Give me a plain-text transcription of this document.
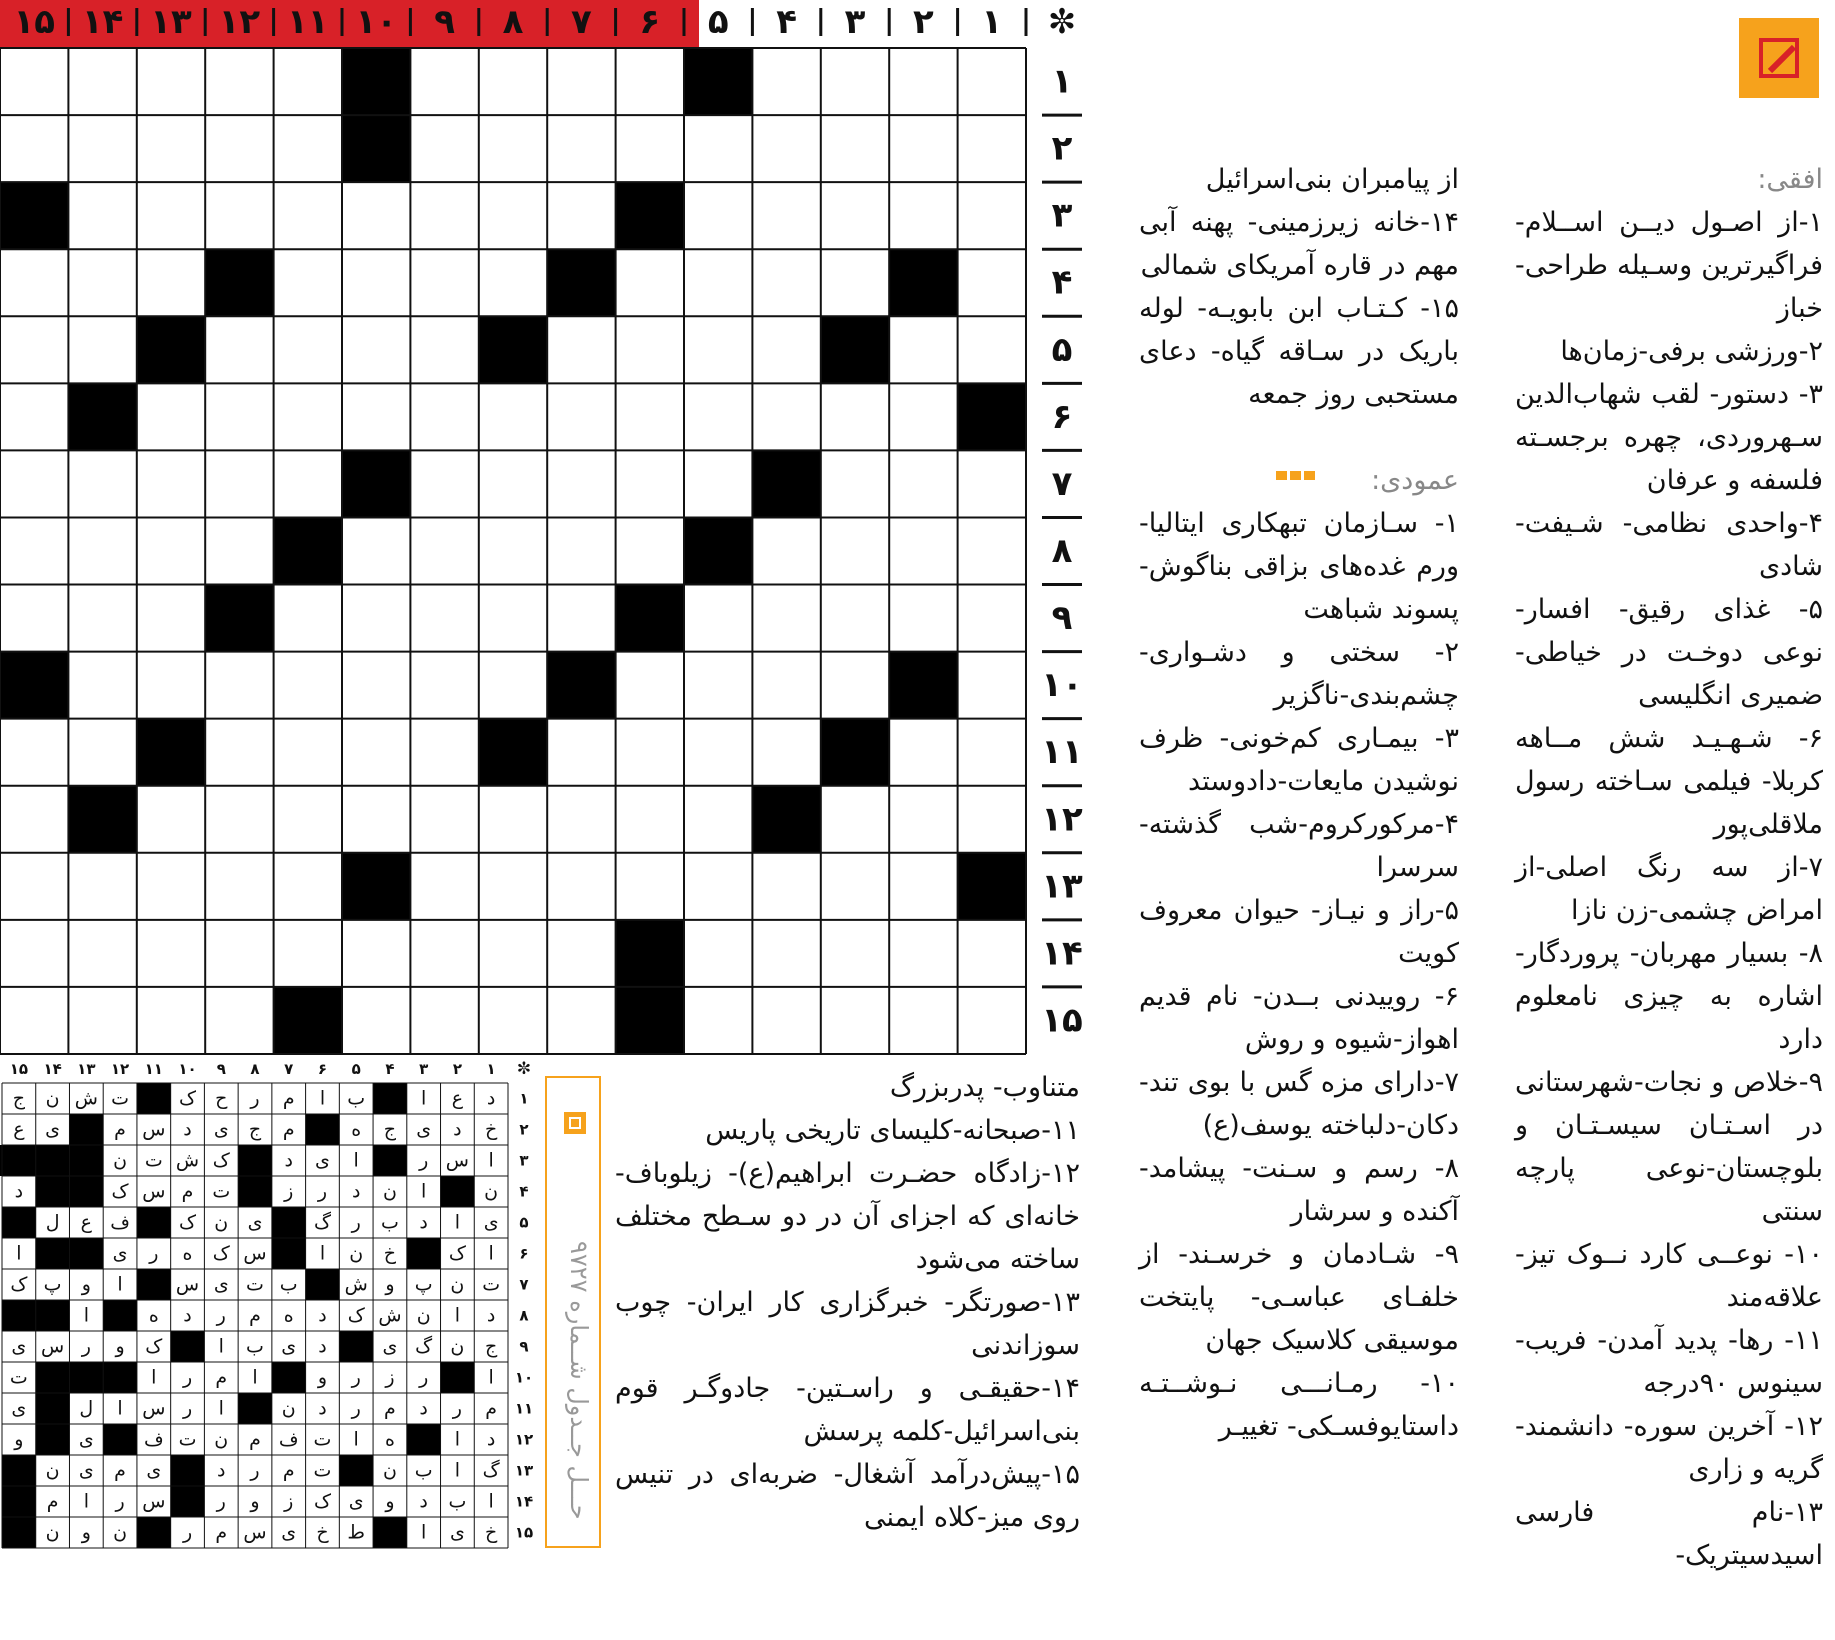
جدول ۹۷۲۸
۱
۲
۳
۴
۵
۶
۷
۸
۹
۱۰
۱۱
۱۲
۱۳
۱۴
۱۵	✼
۱
۲
۳
۴
۵
۶
۷
۸
۹
۱۰
۱۱
۱۲
۱۳
۱۴
۱۵
د
ع
ا
ب
ا
م
ر
ح
ک
ت
ش
ن
ج
خ
د
ی
ج
ه
م
ج
ی
د
س
م
ی
ع
ا
س
ر
ا
ی
د
ک
ش
ت
ن
ن
ا
ن
د
ر
ز
ت
م
س
ک
د
ی
ا
د
ب
ر
گ
ی
ن
ک
ف
ع
ل
ا
ک
خ
ن
ا
س
ک
ه
ر
ی
ا
ت
ن
پ
و
ش
ب
ت
ی
س
ا
و
پ
ک
د
ا
ن
ش
ک
د
ه
م
ر
د
ه
ا
ج
ن
گ
ی
د
ی
ب
ا
ک
و
ر
س
ی
ا
ر
ز
ر
و
ا
م
ر
ا
ت
م
ر
د
م
ر
د
ن
ا
ر
س
ا
ل
ی
د
ا
ه
ا
ت
ف
م
ن
ت
ف
ی
و
گ
ا
ب
ن
ت
م
ر
د
ی
م
ی
ن
ا
ب
د
و
ی
ک
ز
و
ر
س
ر
ا
م
خ
ی
ا
ط
خ
ی
س
م
ر
ن
و
ن
۱
۲
۳
۴
۵
۶
۷
۸
۹
۱۰
۱۱
۱۲
۱۳
۱۴
۱۵	✼
۱
۲
۳
۴
۵
۶
۷
۸
۹
۱۰
۱۱
۱۲
۱۳
۱۴
۱۵

افقی:

۱-از اصـول دیــن اســلام- فراگیرترین وسـیله طراحی- خباز

۲-ورزشی برفی-زمان‌ها

۳- دستور- لقب شهاب‌الدین سـهروردی، چهره برجسـته فلسفه و عرفان

۴-واحدی نظامی- شـیفت- شادی

۵- غذای رقیق- افسار- نوعی دوخـت در خیاطی- ضمیری انگلیسی

۶- شـهـیـد شش مــاهه کربلا- فیلمی سـاخته رسول ملاقلی‌پور

۷-از سه رنگ اصلی-از امراض چشمی-زن نازا

۸- بسیار مهربان- پروردگار- اشاره به چیزی نامعلوم دارد

۹-خلاص و نجات-شهرستانی در اسـتـان سیسـتـان و بلوچستان-نوعی پارچه سنتی

۱۰- نوعــی کارد نــوک تیز- علاقه‌مند

۱۱- رها- پدید آمدن- فریب- سینوس ۹۰درجه

۱۲- آخرین سوره- دانشمند- گریه و زاری

۱۳-نام فارسی اسیدسیتریک-

از پیامبران بنی‌اسرائیل

۱۴-خانه زیرزمینی- پهنه آبی مهم در قاره آمریکای شمالی

۱۵- کـتـاب ابن بابویـه- لوله باریک در سـاقه گیاه- دعای مستحبی روز جمعه

عمودی:

۱- سـازمان تبهکاری ایتالیا- ورم غده‌های بزاقی بناگوش- پسوند شباهت

۲- سختی و دشـواری- چشم‌بندی-ناگزیر

۳- بیمـاری کم‌خونی- ظرف نوشیدن مایعات-دادوستد

۴-مرکورکروم-شب گذشته- سرسرا

۵-راز و نیـاز- حیوان معروف کویت

۶- روییدنی بــدن- نام قدیم اهواز-شیوه و روش

۷-دارای مزه گس با بوی تند- دکان-دلباخته یوسف(ع)

۸- رسم و سـنت- پیشامد- آکنده و سرشار

۹- شـادمان و خرسـند- از خلفـای عباسـی- پایتخت موسیقی کلاسیک جهان

۱۰- رمـانـــی نـوشــتـه داستایوفسـکی- تغییـر

متناوب- پدربزرگ

۱۱-صبحانه-کلیسای تاریخی پاریس

۱۲-زادگاه حضـرت ابراهیم(ع)- زیلوباف- خانه‌ای که اجزای آن در دو سـطح مختلف ساخته می‌شود

۱۳-صورتگر- خبرگزاری کار ایران- چوب سوزاندنی

۱۴-حقیقـی و راسـتین- جادوگـر قوم بنی‌اسرائیل-کلمه پرسش

۱۵-پیش‌درآمد آشغال- ضربه‌ای در تنیس روی میز-کلاه ایمنی

حـــل جــدول شــماره ۹۷۲۷
